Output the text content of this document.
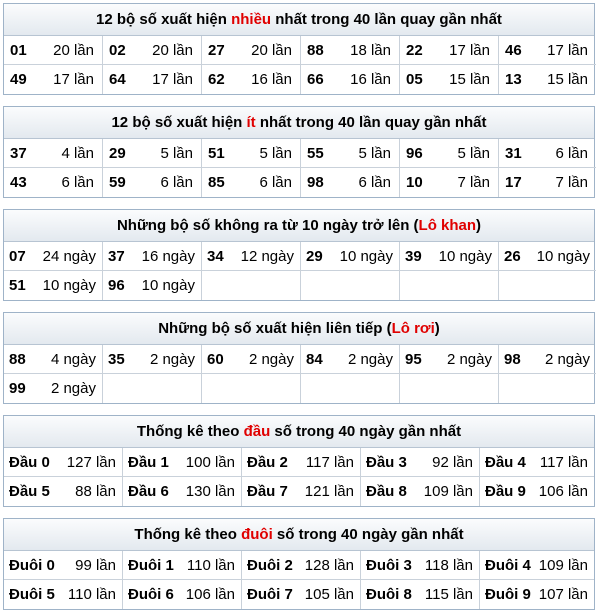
12 bộ số xuất hiện nhiều nhất trong 40 lần quay gần nhất
01 20 lần 02 20 lần 27 20 lần 88 18 lần 22 17 lần 46 17 lần
49 17 lần 64 17 lần 62 16 lần 66 16 lần 05 15 lần 13 15 lần
12 bộ số xuất hiện ít nhất trong 40 lần quay gần nhất
37 4 lần 29 5 lần 51 5 lần 55 5 lần 96 5 lần 31 6 lần
43 6 lần 59 6 lần 85 6 lần 98 6 lần 10 7 lần 17 7 lần
Những bộ số không ra từ 10 ngày trở lên (Lô khan)
07 24 ngày 37 16 ngày 34 12 ngày 29 10 ngày 39 10 ngày 26 10 ngày
51 10 ngày 96 10 ngày
Những bộ số xuất hiện liên tiếp (Lô rơi)
88 4 ngày 35 2 ngày 60 2 ngày 84 2 ngày 95 2 ngày 98 2 ngày
99 2 ngày
Thống kê theo đầu số trong 40 ngày gần nhất
Đầu 0 127 lần Đầu 1 100 lần Đầu 2 117 lần Đầu 3 92 lần Đầu 4 117 lần
Đầu 5 88 lần Đầu 6 130 lần Đầu 7 121 lần Đầu 8 109 lần Đầu 9 106 lần
Thống kê theo đuôi số trong 40 ngày gần nhất
Đuôi 0 99 lần Đuôi 1 110 lần Đuôi 2 128 lần Đuôi 3 118 lần Đuôi 4 109 lần
Đuôi 5 110 lần Đuôi 6 106 lần Đuôi 7 105 lần Đuôi 8 115 lần Đuôi 9 107 lần
